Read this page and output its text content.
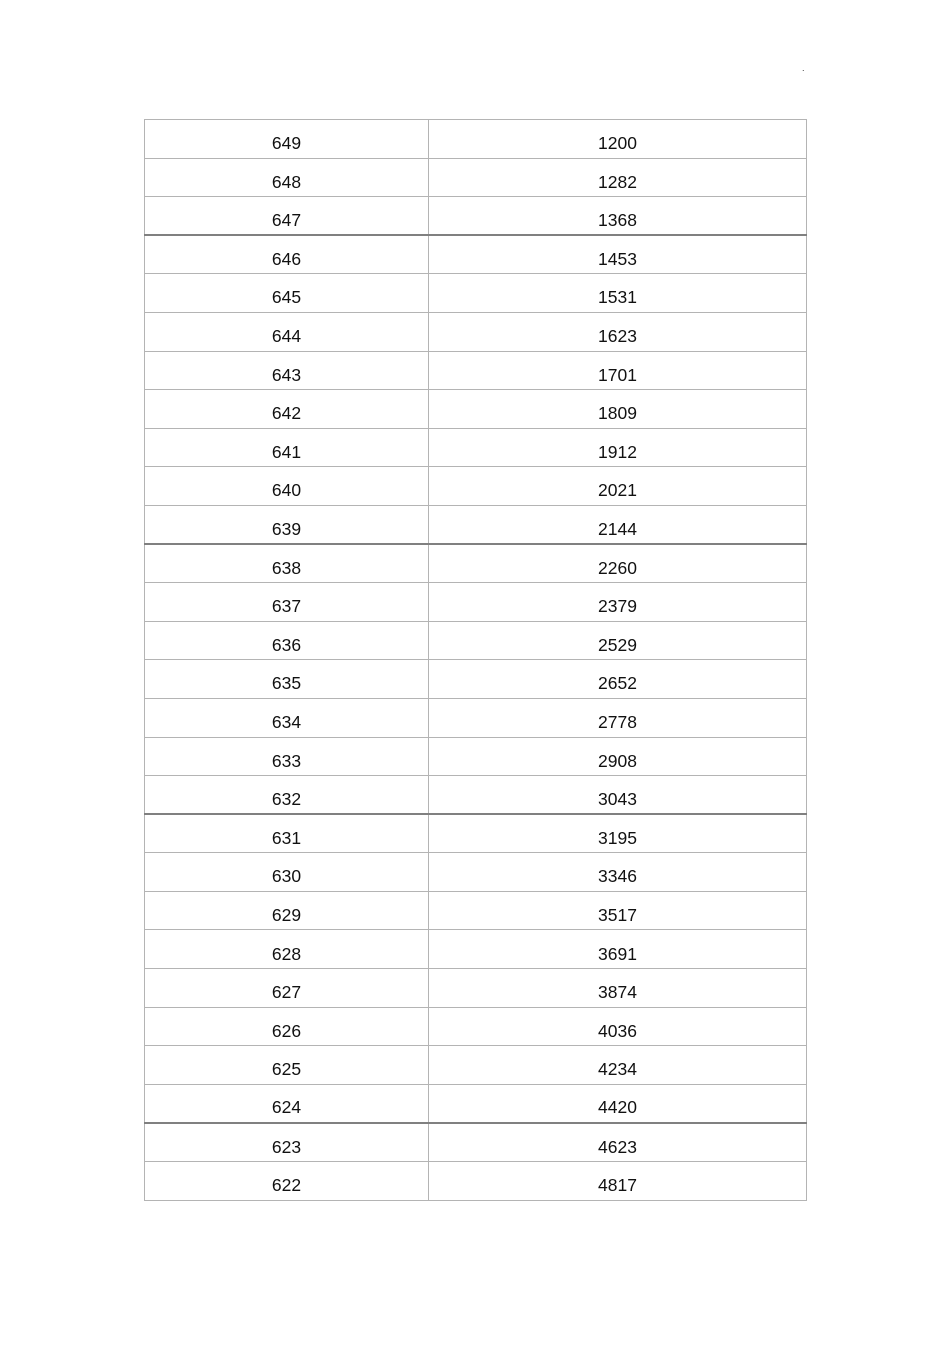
.
649	1200
648	1282
647	1368
646	1453
645	1531
644	1623
643	1701
642	1809
641	1912
640	2021
639	2144
638	2260
637	2379
636	2529
635	2652
634	2778
633	2908
632	3043
631	3195
630	3346
629	3517
628	3691
627	3874
626	4036
625	4234
624	4420
623	4623
622	4817
